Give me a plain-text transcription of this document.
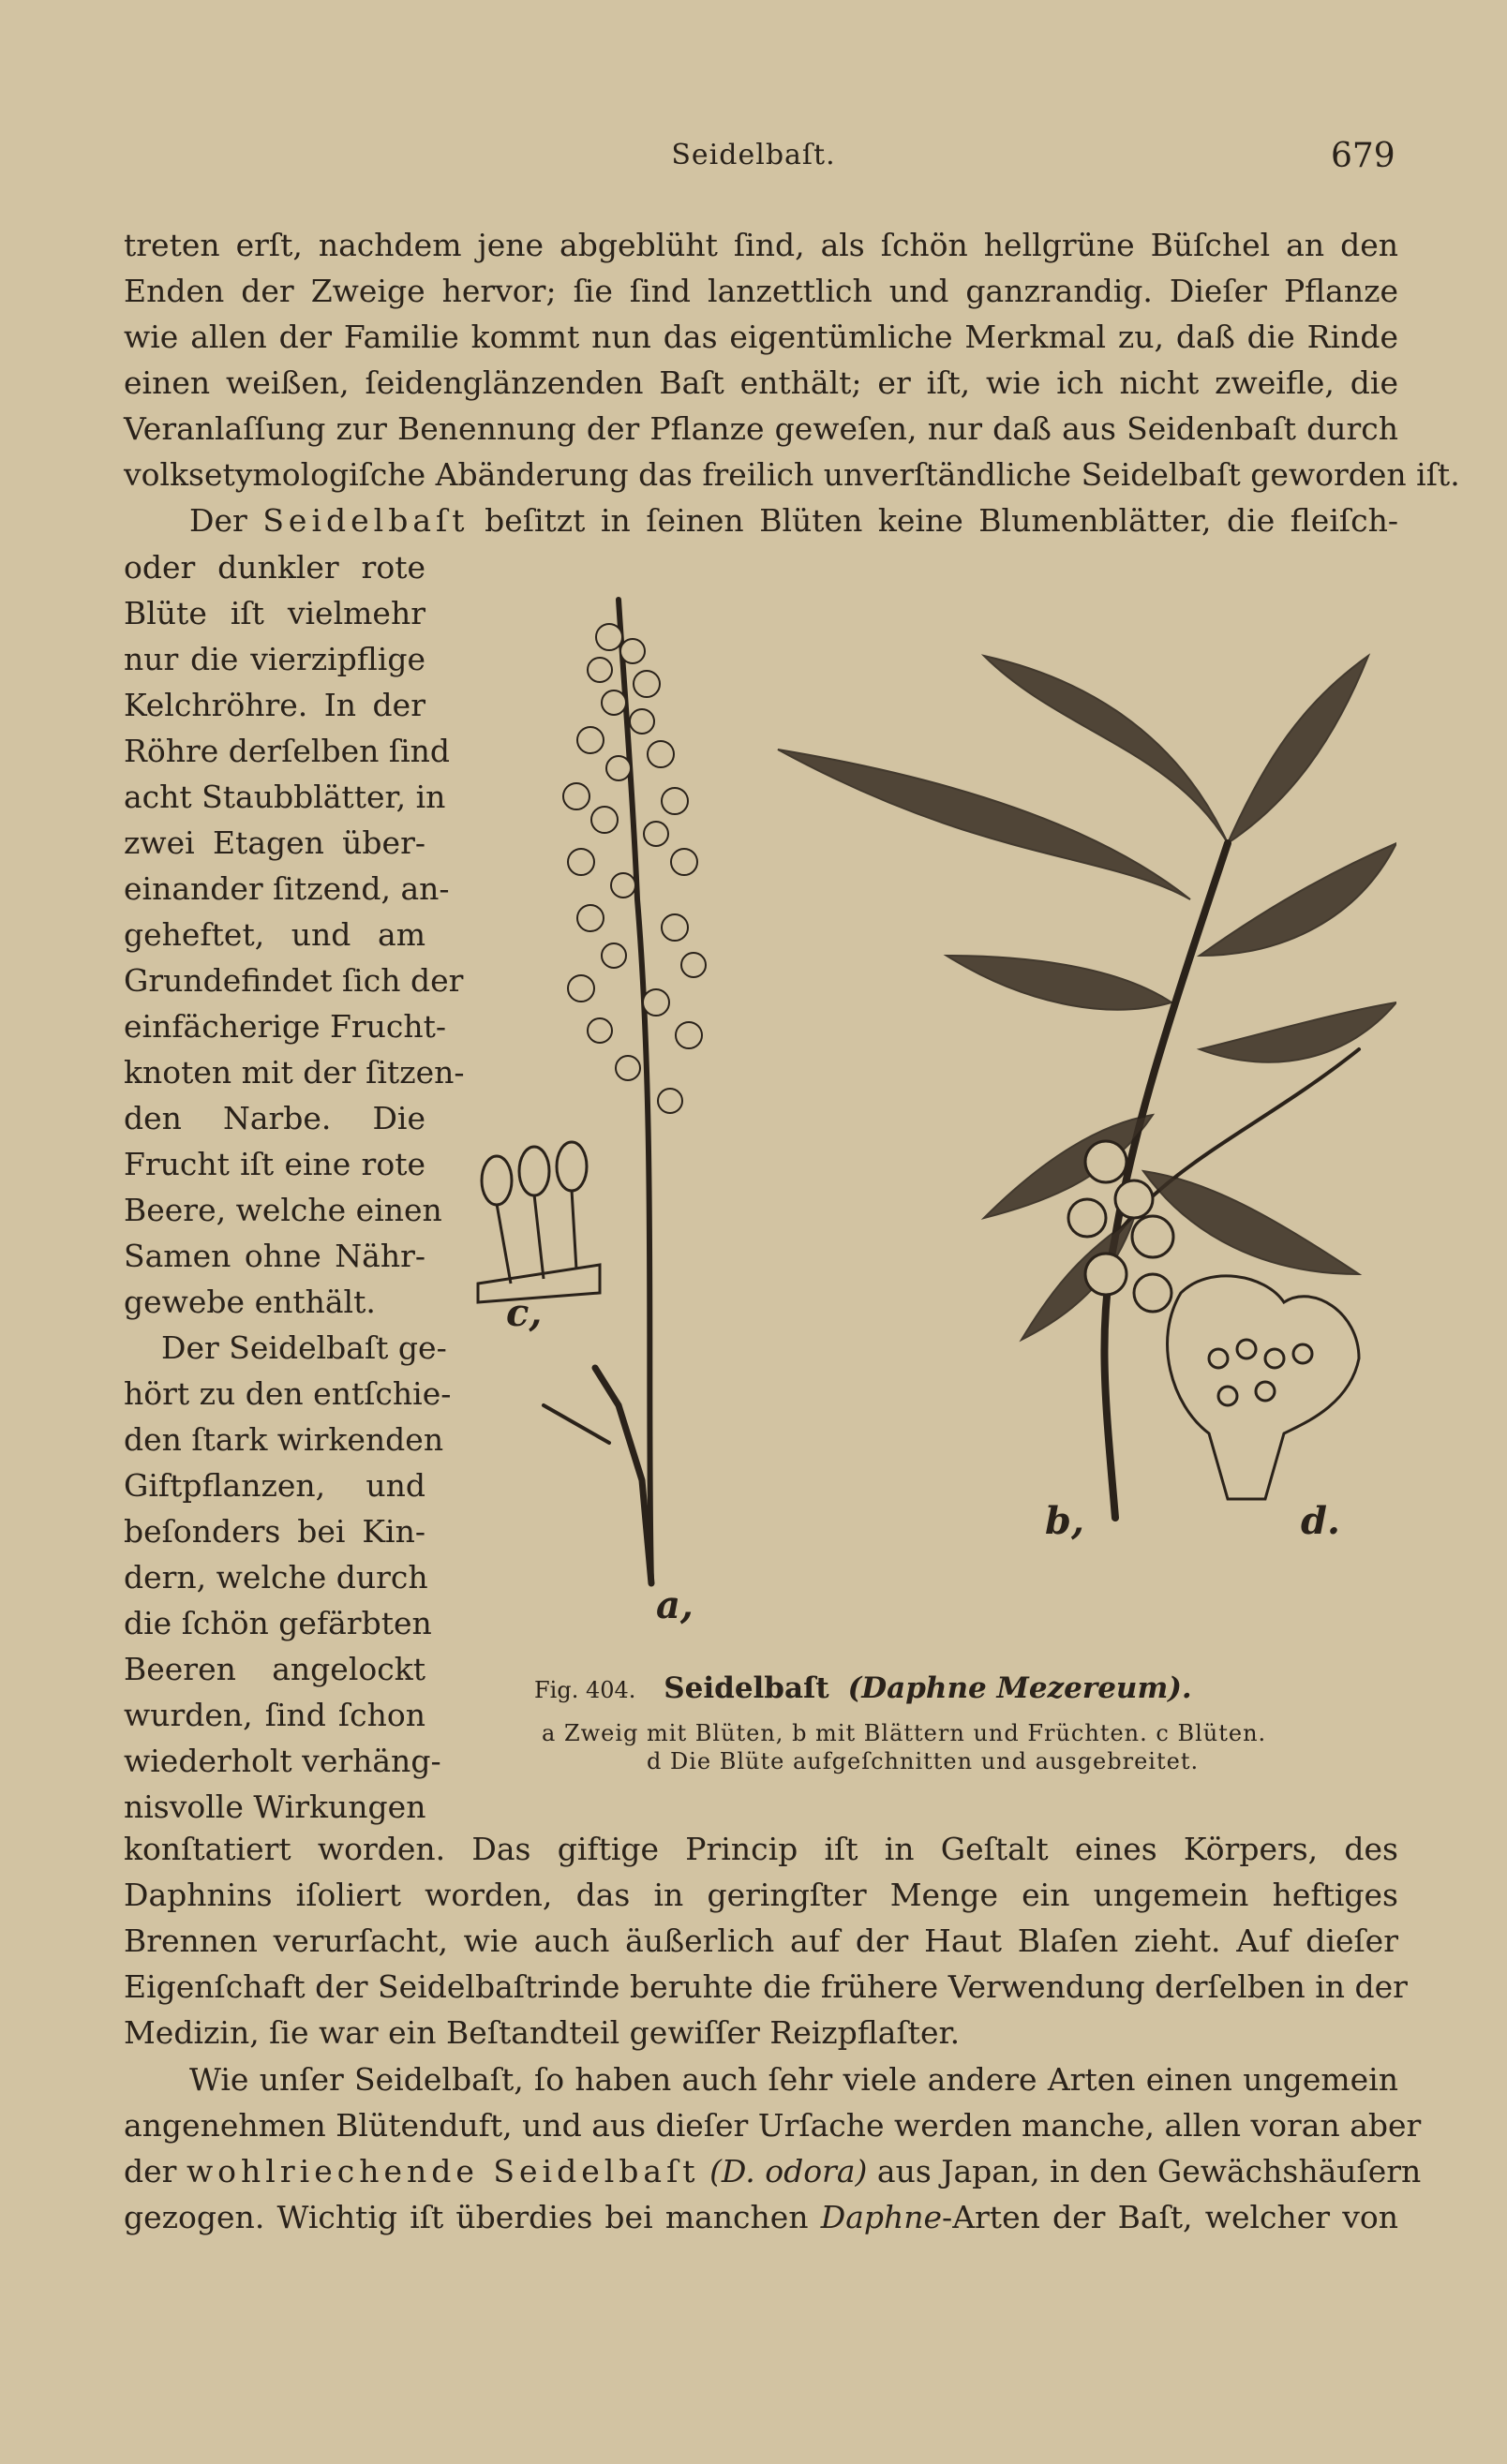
Seidelbaſt.	679
treten erſt, nachdem jene abgeblüht ſind, als ſchön hellgrüne Büſchel an den
Enden der Zweige hervor; ſie ſind lanzettlich und ganzrandig. Dieſer Pflanze
wie allen der Familie kommt nun das eigentümliche Merkmal zu, daß die Rinde
einen weißen, ſeidenglänzenden Baſt enthält; er iſt, wie ich nicht zweifle, die
Veranlaſſung zur Benennung der Pflanze geweſen, nur daß aus Seidenbaſt durch
volksetymologiſche Abänderung das freilich unverſtändliche Seidelbaſt geworden iſt.
Der Seidelbaſt beſitzt in ſeinen Blüten keine Blumenblätter, die fleiſch-
oder dunkler rote
Blüte iſt vielmehr
nur die vierzipflige
Kelchröhre. In der
Röhre derſelben ſind
acht Staubblätter, in
zwei Etagen über-
einander ſitzend, an-
geheftet, und am
Grundefindet ſich der
einfächerige Frucht-
knoten mit der ſitzen-
den Narbe. Die
Frucht iſt eine rote
Beere, welche einen
Samen ohne Nähr-
gewebe enthält.
Der Seidelbaſt ge-
hört zu den entſchie-
den ſtark wirkenden
Giftpflanzen, und
beſonders bei Kin-
dern, welche durch
die ſchön gefärbten
Beeren angelockt
wurden, ſind ſchon
wiederholt verhäng-
nisvolle Wirkungen
c,
a,
b,	d.
Fig. 404. Seidelbaſt (Daphne Mezereum).
a Zweig mit Blüten, b mit Blättern und Früchten. c Blüten.
d Die Blüte aufgeſchnitten und ausgebreitet.
konſtatiert worden. Das giftige Princip iſt in Geſtalt eines Körpers, des
Daphnins iſoliert worden, das in geringſter Menge ein ungemein heftiges
Brennen verurſacht, wie auch äußerlich auf der Haut Blaſen zieht. Auf dieſer
Eigenſchaft der Seidelbaſtrinde beruhte die frühere Verwendung derſelben in der
Medizin, ſie war ein Beſtandteil gewiſſer Reizpflaſter.
Wie unſer Seidelbaſt, ſo haben auch ſehr viele andere Arten einen ungemein
angenehmen Blütenduft, und aus dieſer Urſache werden manche, allen voran aber
der wohlriechende Seidelbaſt (D. odora) aus Japan, in den Gewächshäuſern
gezogen. Wichtig iſt überdies bei manchen Daphne-Arten der Baſt, welcher von
